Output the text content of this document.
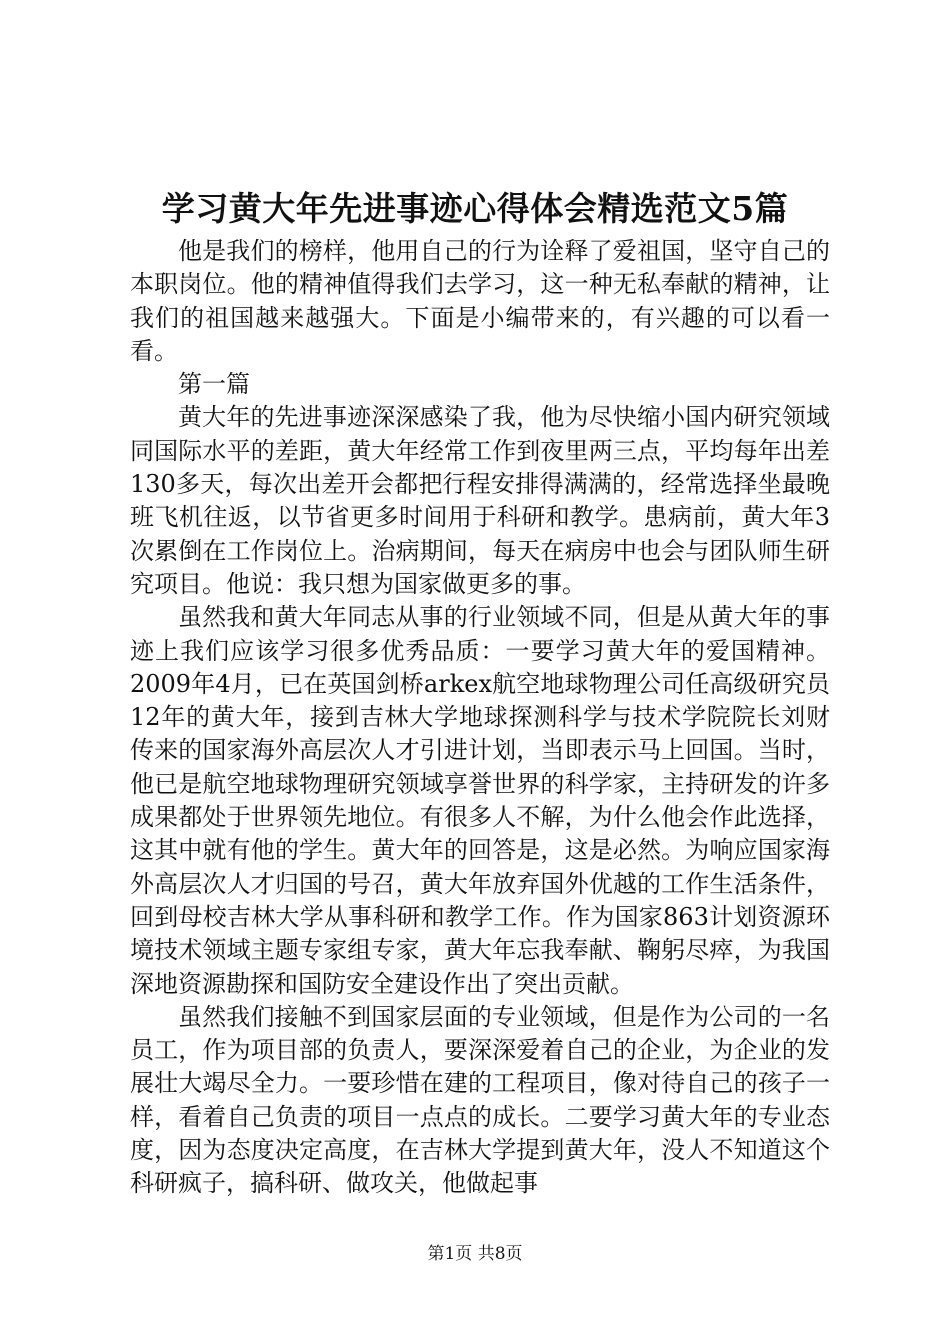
学习黄大年先进事迹心得体会精选范文5篇

他是我们的榜样，他用自己的行为诠释了爱祖国，坚守自己的本职岗位。他的精神值得我们去学习，这一种无私奉献的精神，让我们的祖国越来越强大。下面是小编带来的，有兴趣的可以看一看。

第一篇

黄大年的先进事迹深深感染了我，他为尽快缩小国内研究领域同国际水平的差距，黄大年经常工作到夜里两三点，平均每年出差130多天，每次出差开会都把行程安排得满满的，经常选择坐最晚班飞机往返，以节省更多时间用于科研和教学。患病前，黄大年3次累倒在工作岗位上。治病期间，每天在病房中也会与团队师生研究项目。他说：我只想为国家做更多的事。

虽然我和黄大年同志从事的行业领域不同，但是从黄大年的事迹上我们应该学习很多优秀品质：一要学习黄大年的爱国精神。2009年4月，已在英国剑桥arkex航空地球物理公司任高级研究员12年的黄大年，接到吉林大学地球探测科学与技术学院院长刘财传来的国家海外高层次人才引进计划，当即表示马上回国。当时，他已是航空地球物理研究领域享誉世界的科学家，主持研发的许多成果都处于世界领先地位。有很多人不解，为什么他会作此选择，这其中就有他的学生。黄大年的回答是，这是必然。为响应国家海外高层次人才归国的号召，黄大年放弃国外优越的工作生活条件，回到母校吉林大学从事科研和教学工作。作为国家863计划资源环境技术领域主题专家组专家，黄大年忘我奉献、鞠躬尽瘁，为我国深地资源勘探和国防安全建设作出了突出贡献。

虽然我们接触不到国家层面的专业领域，但是作为公司的一名员工，作为项目部的负责人，要深深爱着自己的企业，为企业的发展壮大竭尽全力。一要珍惜在建的工程项目，像对待自己的孩子一样，看着自己负责的项目一点点的成长。二要学习黄大年的专业态度，因为态度决定高度，在吉林大学提到黄大年，没人不知道这个科研疯子，搞科研、做攻关，他做起事

第1页 共8页
